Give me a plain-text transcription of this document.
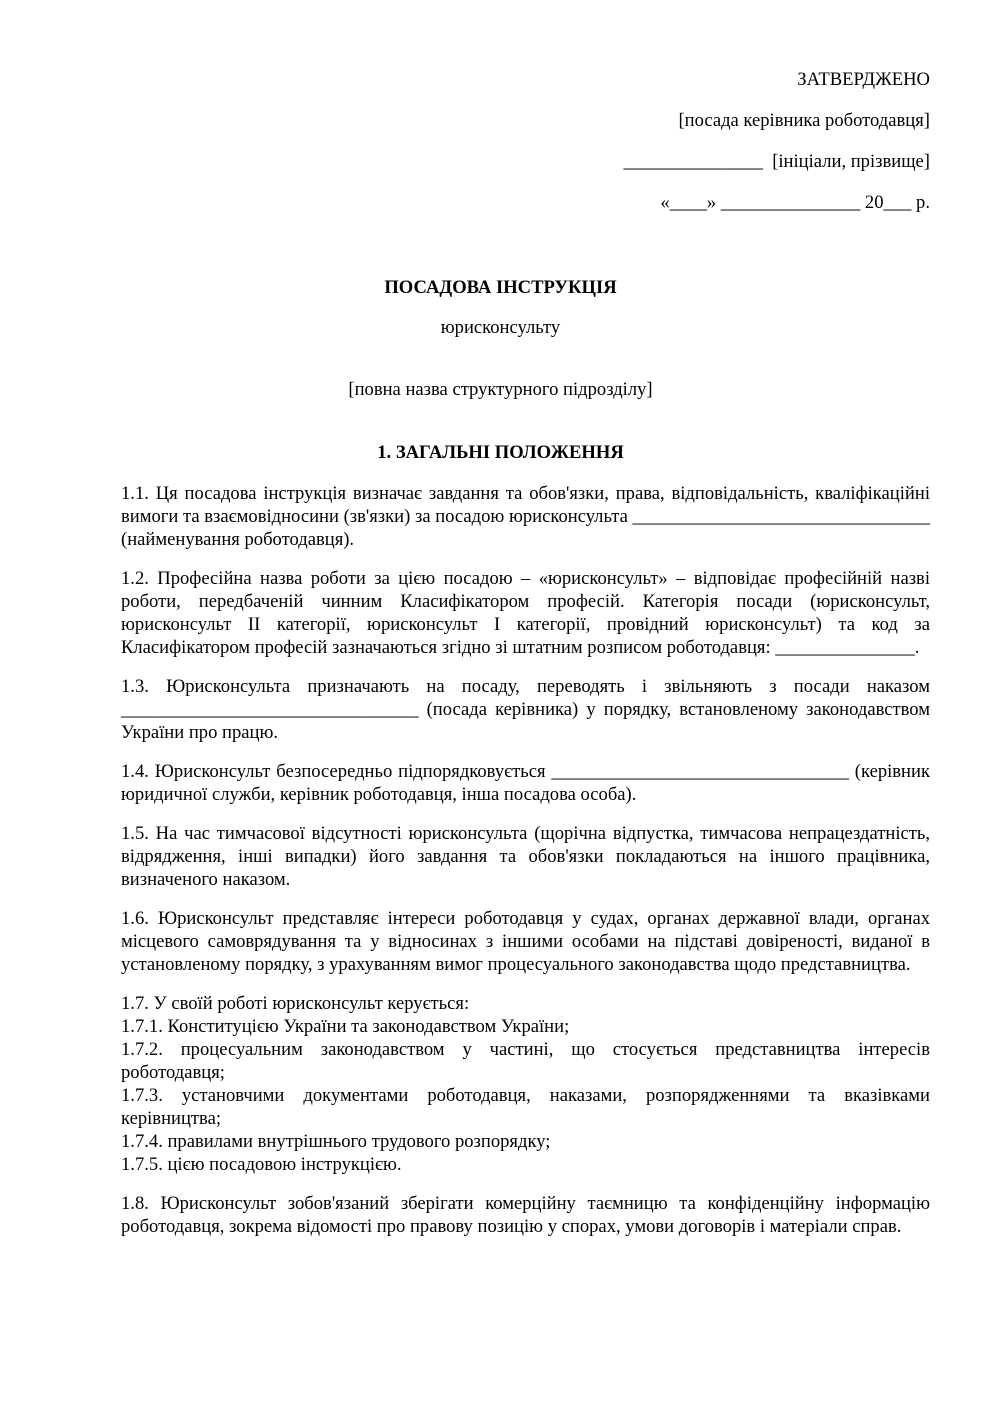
ЗАТВЕРДЖЕНО
[посада керівника роботодавця]
_______________  [ініціали, прізвище]
«____» _______________ 20___ р.
ПОСАДОВА ІНСТРУКЦІЯ
юрисконсульту
[повна назва структурного підрозділу]
1. ЗАГАЛЬНІ ПОЛОЖЕННЯ

1.1. Ця посадова інструкція визначає завдання та обов'язки, права, відповідальність, кваліфікаційні вимоги та взаємовідносини (зв'язки) за посадою юрисконсульта ________________________________ (найменування роботодавця).

1.2. Професійна назва роботи за цією посадою – «юрисконсульт» – відповідає професійній назві роботи, передбаченій чинним Класифікатором професій. Категорія посади (юрисконсульт, юрисконсульт II категорії, юрисконсульт I категорії, провідний юрисконсульт) та код за Класифікатором професій зазначаються згідно зі штатним розписом роботодавця: _______________.

1.3. Юрисконсульта призначають на посаду, переводять і звільняють з посади наказом ________________________________ (посада керівника) у порядку, встановленому законодавством України про працю.

1.4. Юрисконсульт безпосередньо підпорядковується ________________________________ (керівник юридичної служби, керівник роботодавця, інша посадова особа).

1.5. На час тимчасової відсутності юрисконсульта (щорічна відпустка, тимчасова непрацездатність, відрядження, інші випадки) його завдання та обов'язки покладаються на іншого працівника, визначеного наказом.

1.6. Юрисконсульт представляє інтереси роботодавця у судах, органах державної влади, органах місцевого самоврядування та у відносинах з іншими особами на підставі довіреності, виданої в установленому порядку, з урахуванням вимог процесуального законодавства щодо представництва.

1.7. У своїй роботі юрисконсульт керується:

1.7.1. Конституцією України та законодавством України;

1.7.2. процесуальним законодавством у частині, що стосується представництва інтересів роботодавця;

1.7.3. установчими документами роботодавця, наказами, розпорядженнями та вказівками керівництва;

1.7.4. правилами внутрішнього трудового розпорядку;

1.7.5. цією посадовою інструкцією.

1.8. Юрисконсульт зобов'язаний зберігати комерційну таємницю та конфіденційну інформацію роботодавця, зокрема відомості про правову позицію у спорах, умови договорів і матеріали справ.
